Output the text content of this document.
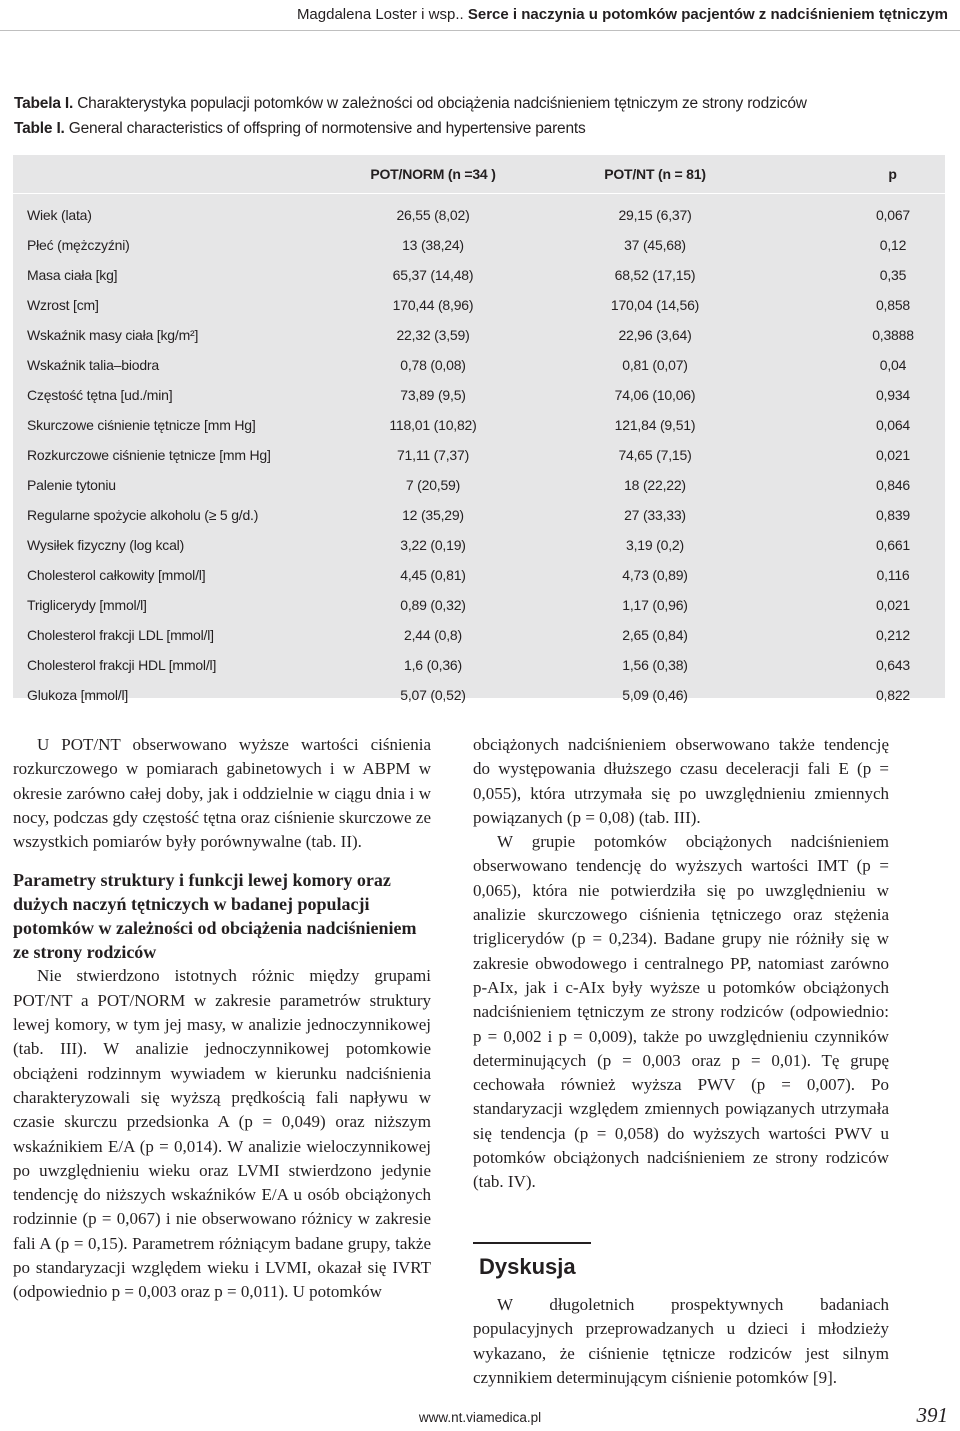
Magdalena Loster i wsp.. Serce i naczynia u potomków pacjentów z nadciśnieniem tętniczym
Tabela I. Charakterystyka populacji potomków w zależności od obciążenia nadciśnieniem tętniczym ze strony rodziców
Table I. General characteristics of offspring of normotensive and hypertensive parents
	POT/NORM (n =34 )	POT/NT (n = 81)	p
Wiek (lata)	26,55 (8,02)	29,15 (6,37)	0,067
Płeć (mężczyźni)	13 (38,24)	37 (45,68)	0,12
Masa ciała [kg]	65,37 (14,48)	68,52 (17,15)	0,35
Wzrost [cm]	170,44 (8,96)	170,04 (14,56)	0,858
Wskaźnik masy ciała [kg/m²]	22,32 (3,59)	22,96 (3,64)	0,3888
Wskaźnik talia–biodra	0,78 (0,08)	0,81 (0,07)	0,04
Częstość tętna [ud./min]	73,89 (9,5)	74,06 (10,06)	0,934
Skurczowe ciśnienie tętnicze [mm Hg]	118,01 (10,82)	121,84 (9,51)	0,064
Rozkurczowe ciśnienie tętnicze [mm Hg]	71,11 (7,37)	74,65 (7,15)	0,021
Palenie tytoniu	7 (20,59)	18 (22,22)	0,846
Regularne spożycie alkoholu (≥ 5 g/d.)	12 (35,29)	27 (33,33)	0,839
Wysiłek fizyczny (log kcal)	3,22 (0,19)	3,19 (0,2)	0,661
Cholesterol całkowity [mmol/l]	4,45 (0,81)	4,73 (0,89)	0,116
Triglicerydy [mmol/l]	0,89 (0,32)	1,17 (0,96)	0,021
Cholesterol frakcji LDL [mmol/l]	2,44 (0,8)	2,65 (0,84)	0,212
Cholesterol frakcji HDL [mmol/l]	1,6 (0,36)	1,56 (0,38)	0,643
Glukoza [mmol/l]	5,07 (0,52)	5,09 (0,46)	0,822

U POT/NT obserwowano wyższe wartości ciśnienia rozkurczowego w pomiarach gabinetowych i w ABPM w okresie zarówno całej doby, jak i oddzielnie w ciągu dnia i w nocy, podczas gdy częstość tętna oraz ciśnienie skurczowe ze wszystkich pomiarów były porównywalne (tab. II).

Parametry struktury i funkcji lewej komory oraz dużych naczyń tętniczych w badanej populacji potomków w zależności od obciążenia nadciśnieniem ze strony rodziców

Nie stwierdzono istotnych różnic między grupami POT/NT a POT/NORM w zakresie parametrów struktury lewej komory, w tym jej masy, w analizie jednoczynnikowej (tab. III). W analizie jednoczynnikowej potomkowie obciążeni rodzinnym wywiadem w kierunku nadciśnienia charakteryzowali się wyższą prędkością fali napływu w czasie skurczu przedsionka A (p = 0,049) oraz niższym wskaźnikiem E/A (p = 0,014). W analizie wieloczynnikowej po uwzględnieniu wieku oraz LVMI stwierdzono jedynie tendencję do niższych wskaźników E/A u osób obciążonych rodzinnie (p = 0,067) i nie obserwowano różnicy w zakresie fali A (p = 0,15). Parametrem różniącym badane grupy, także po standaryzacji względem wieku i LVMI, okazał się IVRT (odpowiednio p = 0,003 oraz p = 0,011). U potomków

obciążonych nadciśnieniem obserwowano także tendencję do występowania dłuższego czasu deceleracji fali E (p = 0,055), która utrzymała się po uwzględnieniu zmiennych powiązanych (p = 0,08) (tab. III).

W grupie potomków obciążonych nadciśnieniem obserwowano tendencję do wyższych wartości IMT (p = 0,065), która nie potwierdziła się po uwzględnieniu w analizie skurczowego ciśnienia tętniczego oraz stężenia triglicerydów (p = 0,234). Badane grupy nie różniły się w zakresie obwodowego i centralnego PP, natomiast zarówno p-AIx, jak i c-AIx były wyższe u potomków obciążonych nadciśnieniem tętniczym ze strony rodziców (odpowiednio: p = 0,002 i p = 0,009), także po uwzględnieniu czynników determinujących (p = 0,003 oraz p = 0,01). Tę grupę cechowała również wyższa PWV (p = 0,007). Po standaryzacji względem zmiennych powiązanych utrzymała się tendencja (p = 0,058) do wyższych wartości PWV u potomków obciążonych nadciśnieniem ze strony rodziców (tab. IV).

Dyskusja

W długoletnich prospektywnych badaniach populacyjnych przeprowadzanych u dzieci i młodzieży wykazano, że ciśnienie tętnicze rodziców jest silnym czynnikiem determinującym ciśnienie potomków [9].

www.nt.viamedica.pl	391
